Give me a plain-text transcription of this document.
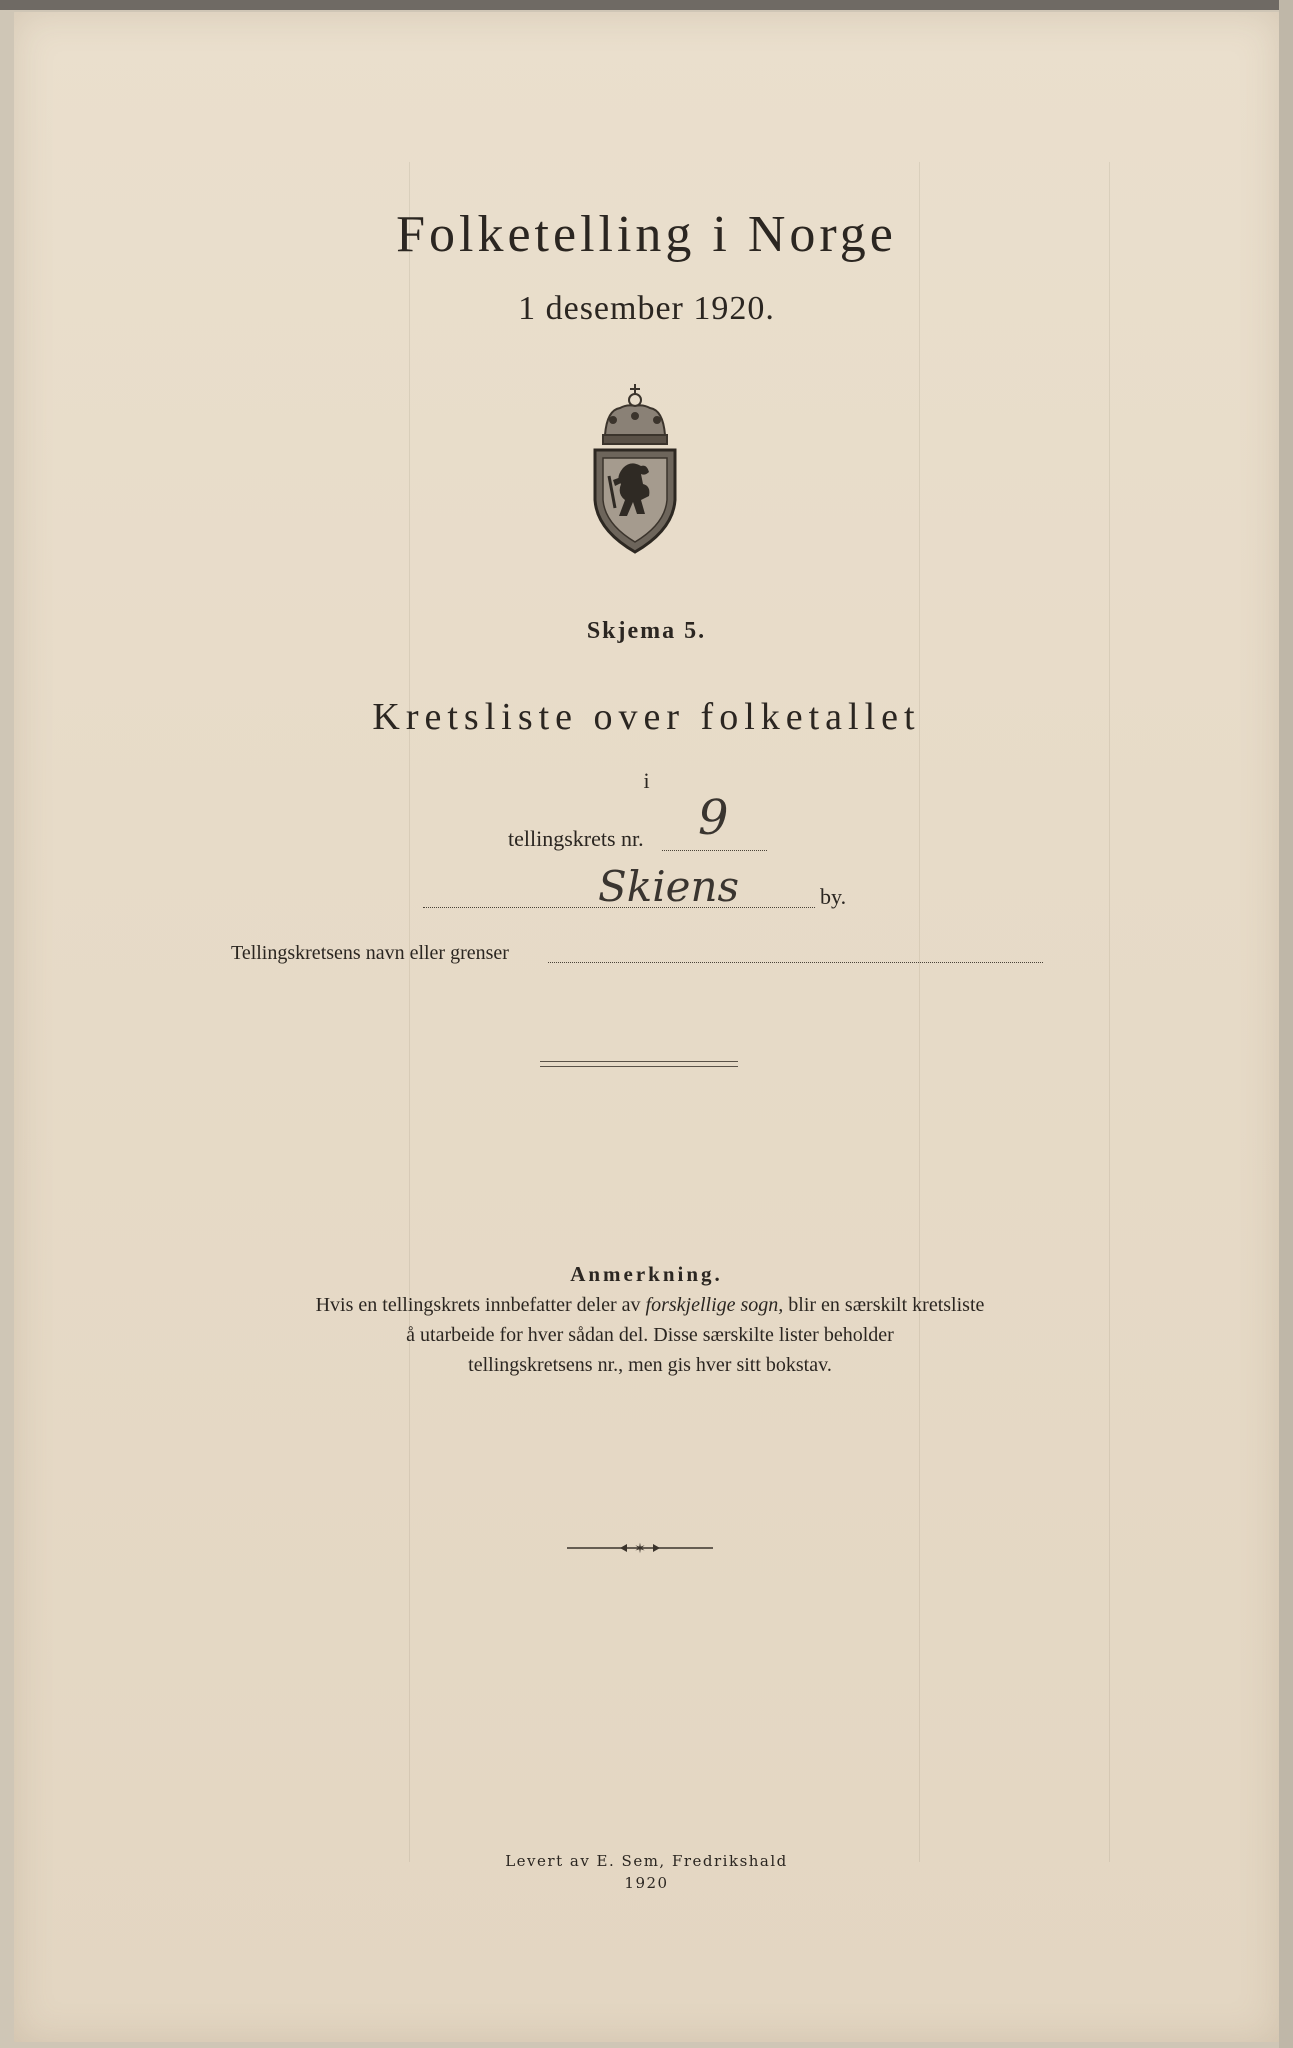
Folketelling i Norge
1 desember 1920.
Skjema 5.
Kretsliste over folketallet
i
tellingskrets nr. 9
Skiens	by.
Tellingskretsens navn eller grenser
Anmerkning.
Hvis en tellingskrets innbefatter deler av forskjellige sogn, blir en særskilt kretsliste
å utarbeide for hver sådan del. Disse særskilte lister beholder
tellingskretsens nr., men gis hver sitt bokstav.
✶
Levert av E. Sem, Fredrikshald
1920
